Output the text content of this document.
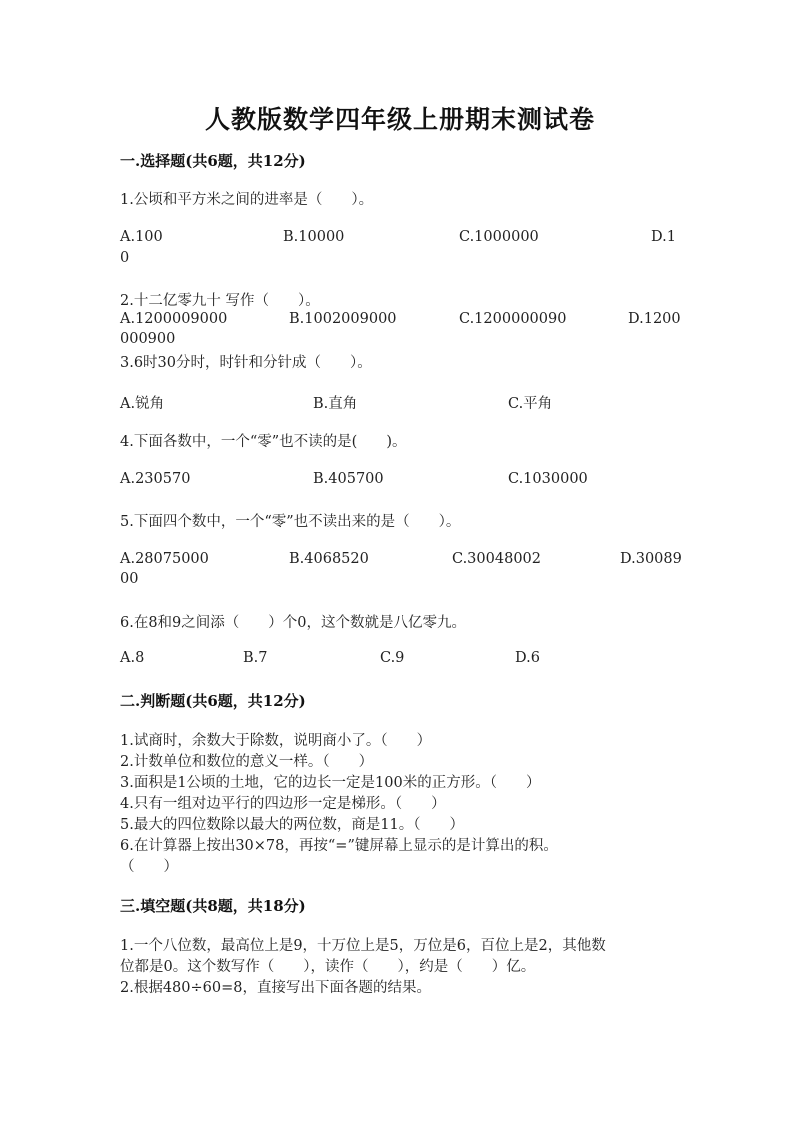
人教版数学四年级上册期末测试卷
一.选择题(共6题，共12分)
1.公顷和平方米之间的进率是（　　）。
A.100	B.10000	C.1000000	D.1
0
2.十二亿零九十 写作（　　）。
A.1200009000	B.1002009000	C.1200000090	D.1200
000900
3.6时30分时，时针和分针成（　　）。
A.锐角	B.直角	C.平角
4.下面各数中，一个“零”也不读的是(　　)。
A.230570	B.405700	C.1030000
5.下面四个数中，一个“零”也不读出来的是（　　）。
A.28075000	B.4068520	C.30048002	D.30089
00
6.在8和9之间添（　　）个0，这个数就是八亿零九。
A.8	B.7	C.9	D.6
二.判断题(共6题，共12分)
1.试商时，余数大于除数，说明商小了。（　　）
2.计数单位和数位的意义一样。（　　）
3.面积是1公顷的土地，它的边长一定是100米的正方形。（　　）
4.只有一组对边平行的四边形一定是梯形。（　　）
5.最大的四位数除以最大的两位数，商是11。（　　）
6.在计算器上按出30×78，再按“=”键屏幕上显示的是计算出的积。
（　　）
三.填空题(共8题，共18分)
1.一个八位数，最高位上是9，十万位上是5，万位是6，百位上是2，其他数
位都是0。这个数写作（　　），读作（　　），约是（　　）亿。
2.根据480÷60=8，直接写出下面各题的结果。
